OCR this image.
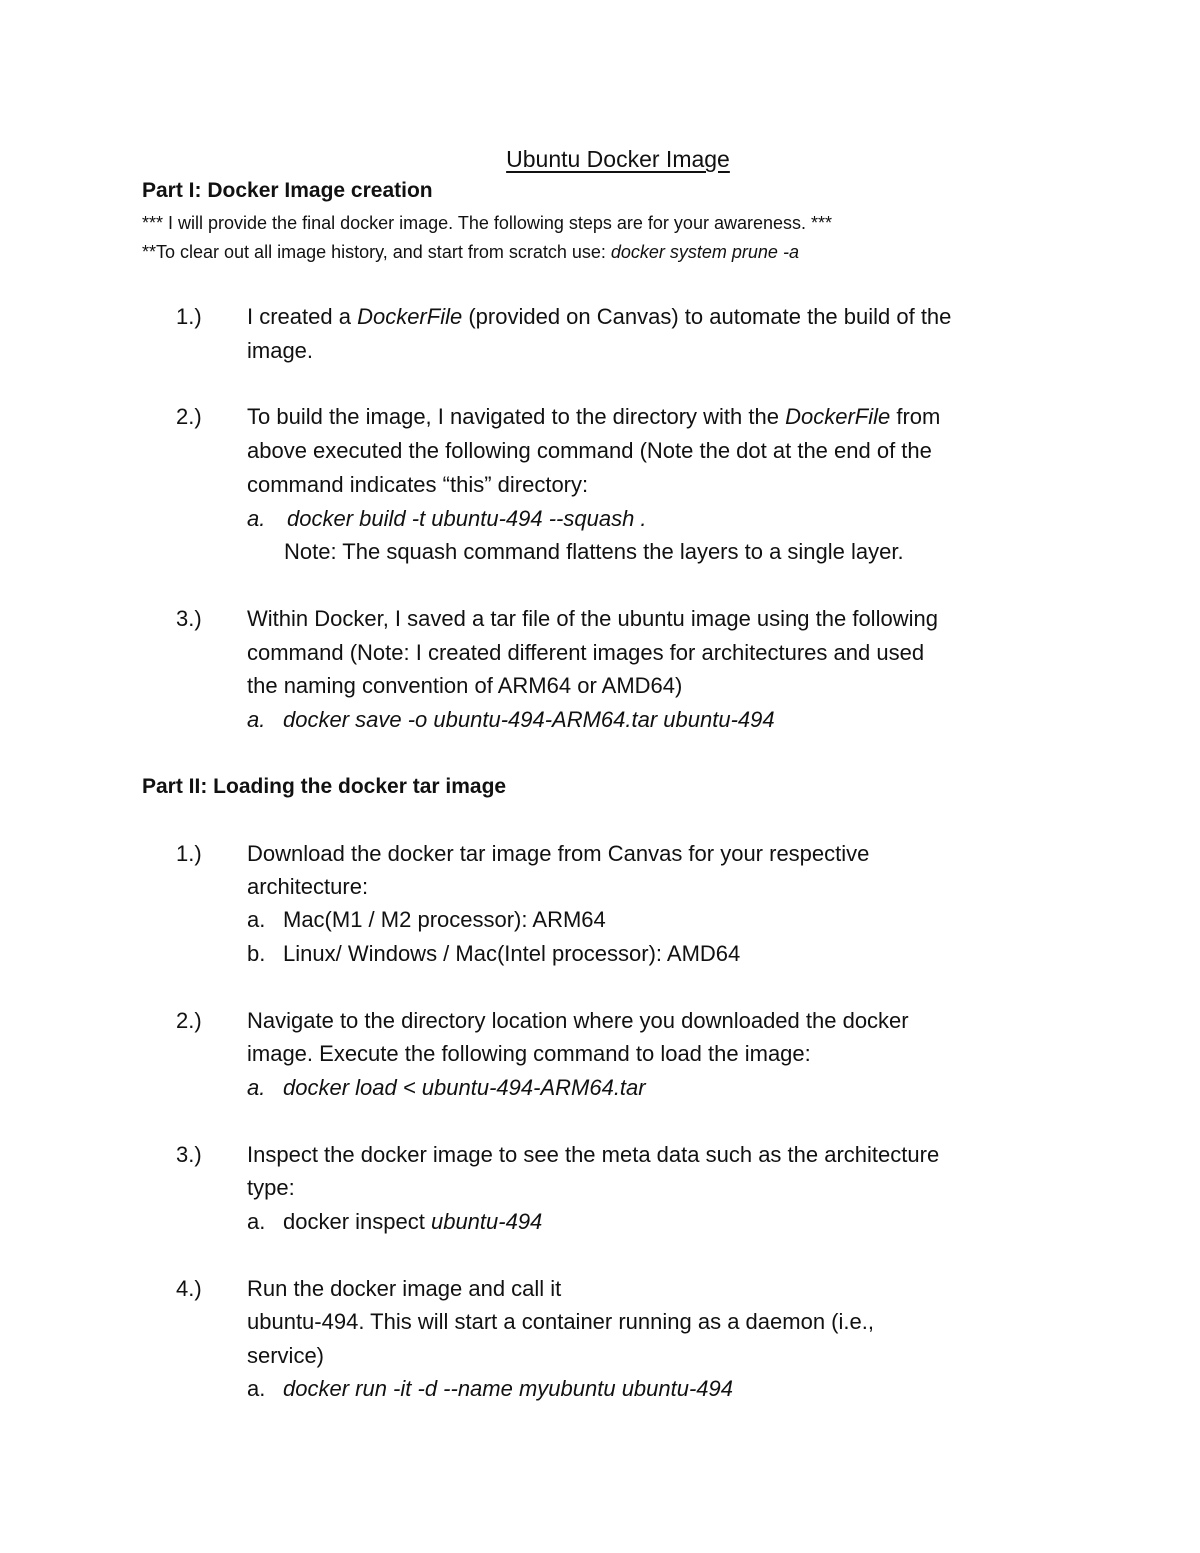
Ubuntu Docker Image
Part I: Docker Image creation
*** I will provide the final docker image. The following steps are for your awareness. ***
**To clear out all image history, and start from scratch use: docker system prune -a
1.) I created a DockerFile (provided on Canvas) to automate the build of the
image.
2.) To build the image, I navigated to the directory with the DockerFile from
above executed the following command (Note the dot at the end of the
command indicates “this” directory:
a. docker build -t ubuntu-494 --squash .
Note: The squash command flattens the layers to a single layer.
3.) Within Docker, I saved a tar file of the ubuntu image using the following
command (Note: I created different images for architectures and used
the naming convention of ARM64 or AMD64)
a. docker save -o ubuntu-494-ARM64.tar ubuntu-494
Part II: Loading the docker tar image
1.) Download the docker tar image from Canvas for your respective
architecture:
a. Mac(M1 / M2 processor): ARM64
b. Linux/ Windows / Mac(Intel processor): AMD64
2.) Navigate to the directory location where you downloaded the docker
image. Execute the following command to load the image:
a. docker load < ubuntu-494-ARM64.tar
3.) Inspect the docker image to see the meta data such as the architecture
type:
a. docker inspect ubuntu-494
4.) Run the docker image and call it
ubuntu-494. This will start a container running as a daemon (i.e.,
service)
a. docker run -it -d --name myubuntu ubuntu-494
